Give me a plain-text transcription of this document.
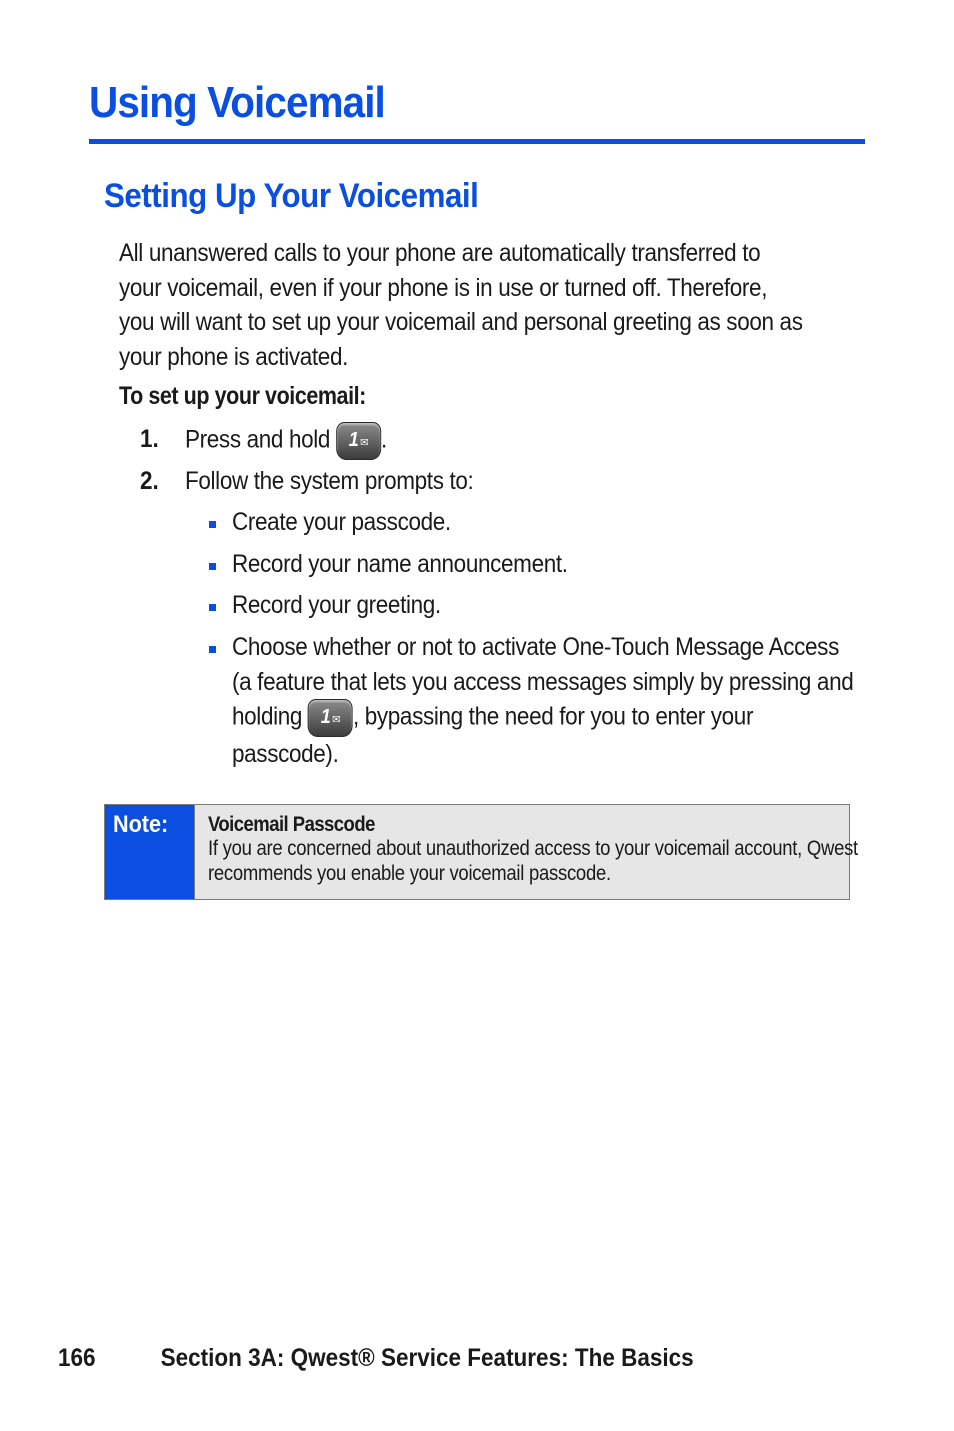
Using Voicemail
Setting Up Your Voicemail

All unanswered calls to your phone are automatically transferred to your voicemail, even if your phone is in use or turned off. Therefore, you will want to set up your voicemail and personal greeting as soon as your phone is activated.

To set up your voicemail:

1. Press and hold 1 ✉ .
2. Follow the system prompts to:
Create your passcode.
Record your name announcement.
Record your greeting.
Choose whether or not to activate One-Touch Message Access (a feature that lets you access messages simply by pressing and holding 1 ✉ , bypassing the need for you to enter your passcode).
Note: Voicemail Passcode
If you are concerned about unauthorized access to your voicemail account, Qwest recommends you enable your voicemail passcode.
166	Section 3A: Qwest® Service Features: The Basics
